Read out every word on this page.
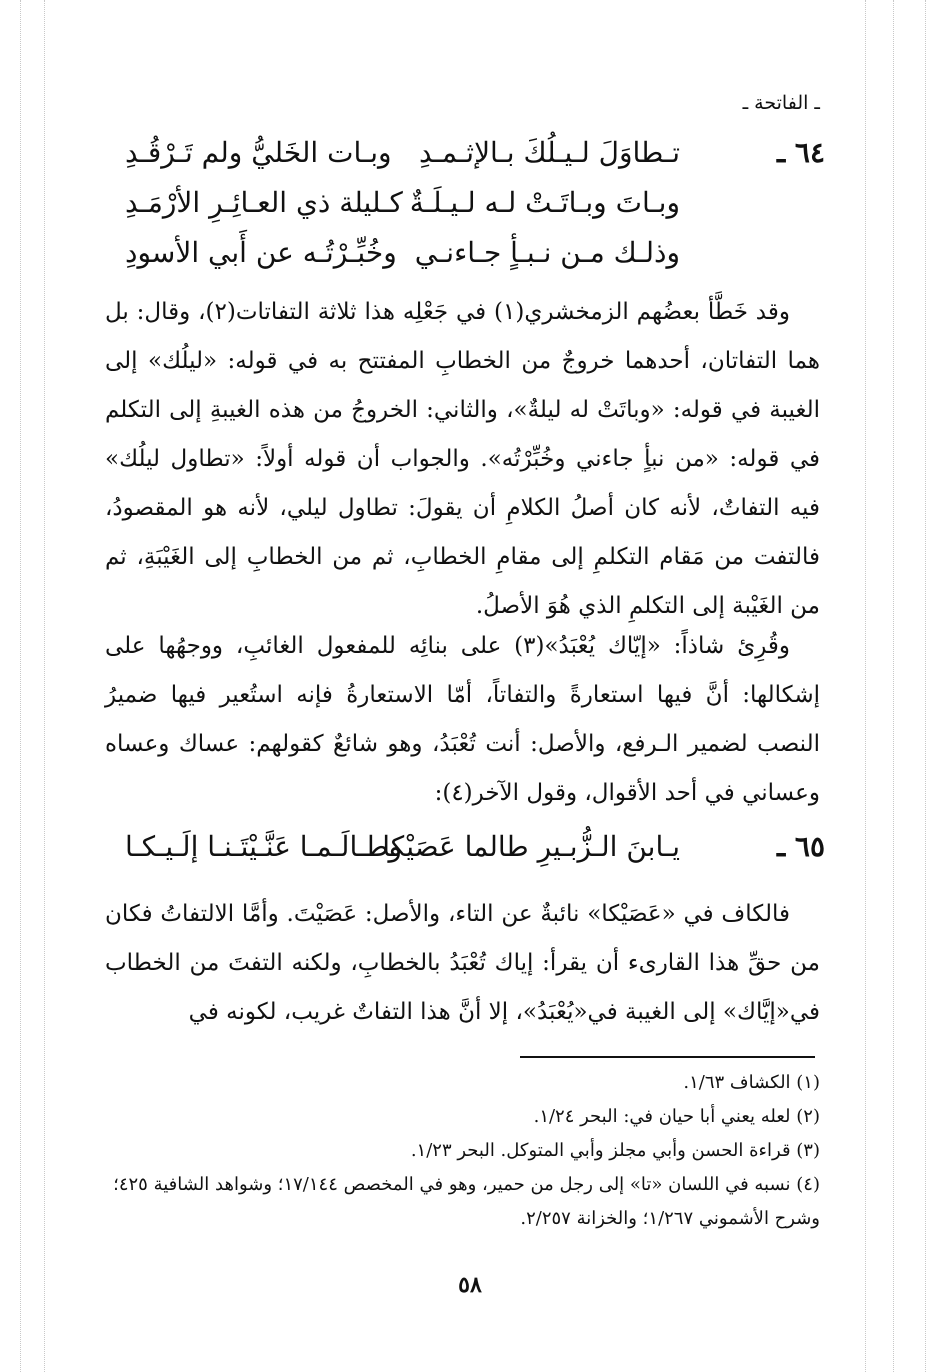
ـ الفاتحة ـ
٦٤ ـ
تـطاوَلَ لـيـلُكَ بـالإثـمـدِ
وبـات الخَليُّ ولم تَـرْقُـدِ
وبـاتَ وبـاتَـتْ لـه لـيـلَـةٌ
كـليلة ذي العـائِـرِ الأرْمَـدِ
وذلـك مـن نـبـأٍ جـاءنـي
وخُبِّـرْتُـه عن أَبي الأسودِ
وقد خَطَّأ بعضُهم الزمخشري(١) في جَعْلِه هذا ثلاثة التفاتات(٢)، وقال: بل هما التفاتان، أحدهما خروجٌ من الخطابِ المفتتح به في قوله: «ليلُك» إلى الغيبة في قوله: «وباتَتْ له ليلةٌ»، والثاني: الخروجُ من هذه الغيبةِ إلى التكلم في قوله: «من نبأٍ جاءني وخُبِّرْتُه». والجواب أن قوله أولاً: «تطاول ليلُك» فيه التفاتٌ، لأنه كان أصلُ الكلامِ أن يقولَ: تطاول ليلي، لأنه هو المقصودُ، فالتفت من مَقام التكلمِ إلى مقامِ الخطابِ، ثم من الخطابِ إلى الغَيْبَةِ، ثم من الغَيْبة إلى التكلمِ الذي هُوَ الأصلُ.
وقُرِئ شاذاً: «إيّاك يُعْبَدُ»(٣) على بنائِه للمفعول الغائبِ، ووجهُها على إشكالها: أنَّ فيها استعارةً والتفاتاً، أمّا الاستعارةُ فإنه استُعير فيها ضميرُ النصب لضمير الـرفع، والأصل: أنت تُعْبَدُ، وهو شائعٌ كقولهم: عساك وعساه وعساني في أحد الأقوال، وقول الآخر(٤):
٦٥ ـ
يـابنَ الـزُّبـيرِ طالما عَصَيْكا
وطـالَـمـا عَنَّـيْتَـنـا إلَـيـكـا
فالكاف في «عَصَيْكا» نائبةٌ عن التاء، والأصل: عَصَيْتَ. وأمَّا الالتفاتُ فكان من حقِّ هذا القارىء أن يقرأ: إياك تُعْبَدُ بالخطابِ، ولكنه التفتَ من الخطاب في«إيَّاك» إلى الغيبة في«يُعْبَدُ»، إلا أنَّ هذا التفاتٌ غريب، لكونه في
(١) الكشاف ١/٦٣.
(٢) لعله يعني أبا حيان في: البحر ١/٢٤.
(٣) قراءة الحسن وأبي مجلز وأبي المتوكل. البحر ١/٢٣.
(٤) نسبه في اللسان «تا» إلى رجل من حمير، وهو في المخصص ١٧/١٤٤؛ وشواهد الشافية ٤٢٥؛ وشرح الأشموني ١/٢٦٧؛ والخزانة ٢/٢٥٧.
٥٨
